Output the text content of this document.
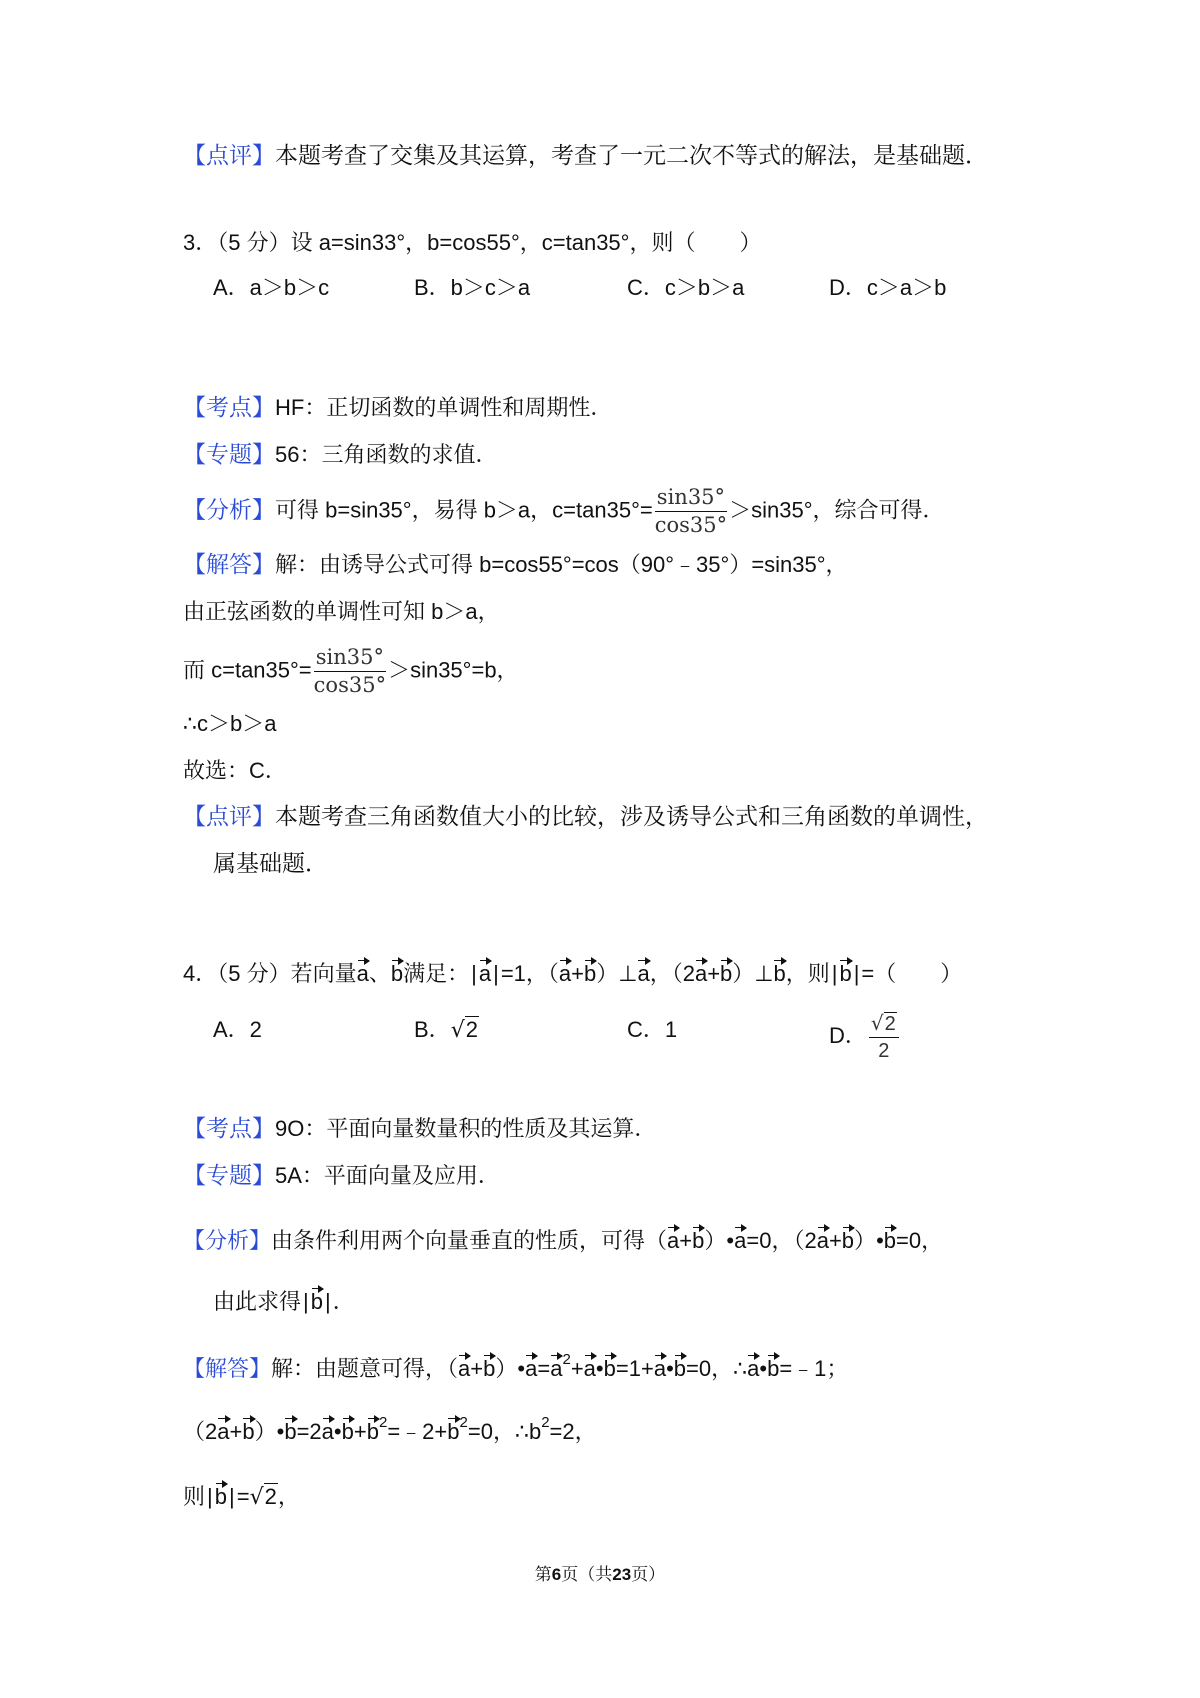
【点评】本题考查了交集及其运算，考查了一元二次不等式的解法，是基础题．
3．（5 分）设 a=sin33°，b=cos55°，c=tan35°，则（　　）
A．a＞b＞c	B．b＞c＞a	C．c＞b＞a	D．c＞a＞b
【考点】HF：正切函数的单调性和周期性．
【专题】56：三角函数的求值．
【分析】可得 b=sin35°，易得 b＞a，$c=\tan 35^\circ= \frac{\sin 35^\circ}{\cos 35^\circ} >\sin 35^\circ$，综合可得．
【解答】解：由诱导公式可得 b=cos55°=cos（90°﹣35°）=sin35°，
由正弦函数的单调性可知 b＞a，
而 $c=\tan 35^\circ= \frac{\sin 35^\circ}{\cos 35^\circ} >\sin 35^\circ=b$，
∴c＞b＞a
故选：C．
【点评】本题考查三角函数值大小的比较，涉及诱导公式和三角函数的单调性，
属基础题．
4．（5 分）若向量a、b满足：|a|=1，（a+b）⊥a，（2a+b）⊥b，则|b|=（　　）
A．2	B．√2	C．1	D． $\frac{√2}{2}$
【考点】9O：平面向量数量积的性质及其运算．
【专题】5A：平面向量及应用．
【分析】由条件利用两个向量垂直的性质，可得（a+b）•a=0，（2a+b）•b=0，
由此求得|b|．
【解答】解：由题意可得，$(a+b)•a=a^2+a•b=1+a•b=0$，∴a•b=﹣1；
$(2a+b)•b=2a•b+b^2=﹣2+b^2=0$，$\therefore b^2=2$，
则|b|=√2，
第6页（共23页）
